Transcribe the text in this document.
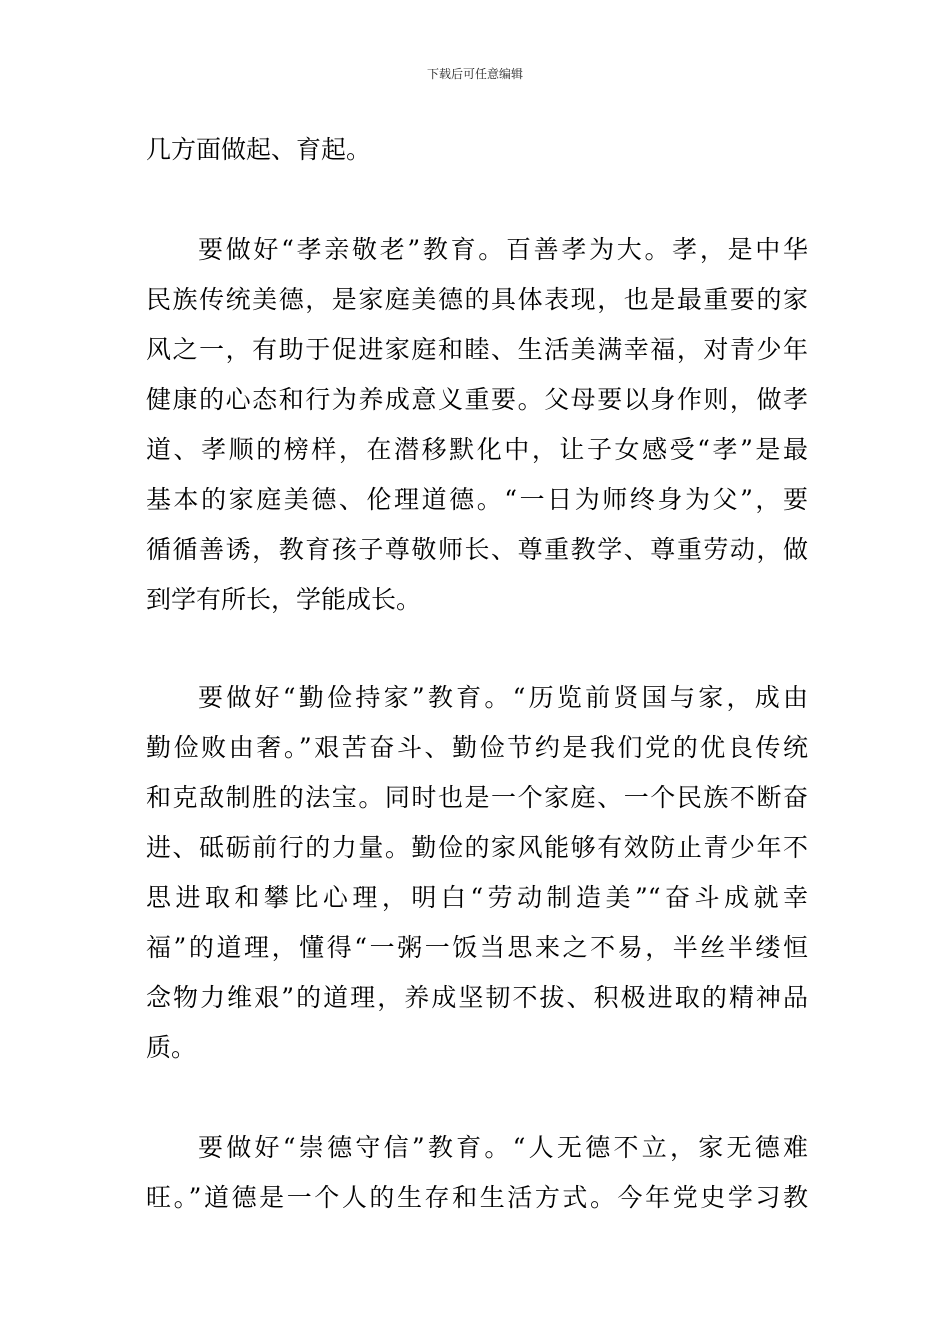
下载后可任意编辑
几方面做起、育起。
要做好“孝亲敬老”教育。百善孝为大。孝，是中华
民族传统美德，是家庭美德的具体表现，也是最重要的家
风之一，有助于促进家庭和睦、生活美满幸福，对青少年
健康的心态和行为养成意义重要。父母要以身作则，做孝
道、孝顺的榜样，在潜移默化中，让子女感受“孝”是最
基本的家庭美德、伦理道德。“一日为师终身为父”，要
循循善诱，教育孩子尊敬师长、尊重教学、尊重劳动，做
到学有所长，学能成长。
要做好“勤俭持家”教育。“历览前贤国与家，成由
勤俭败由奢。”艰苦奋斗、勤俭节约是我们党的优良传统
和克敌制胜的法宝。同时也是一个家庭、一个民族不断奋
进、砥砺前行的力量。勤俭的家风能够有效防止青少年不
思进取和攀比心理，明白“劳动制造美”“奋斗成就幸
福”的道理，懂得“一粥一饭当思来之不易，半丝半缕恒
念物力维艰”的道理，养成坚韧不拔、积极进取的精神品
质。
要做好“崇德守信”教育。“人无德不立，家无德难
旺。”道德是一个人的生存和生活方式。今年党史学习教
